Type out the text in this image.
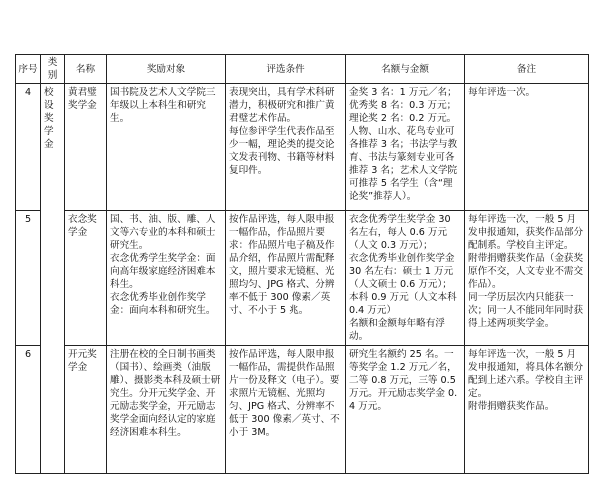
序号	类别	名称	奖励对象	评选条件	名额与金额	备注
4	校设奖学金	黄君璧奖学金	国书院及艺术人文学院三年级以上本科生和研究生。	表现突出，具有学术科研潜力，积极研究和推广黄君璧艺术作品。
每位参评学生代表作品至少一幅，理论类的提交论文发表刊物、书籍等材料复印件。	金奖 3 名：1 万元／名；优秀奖 8 名：0.3 万元；理论奖 2 名：0.2 万元。
人物、山水、花鸟专业可各推荐 3 名；书法学与教育、书法与篆刻专业可各推荐 3 名；艺术人文学院可推荐 5 名学生（含“理论奖”推荐人）。	每年评选一次。

5		衣念奖学金	国、书、油、版、雕、人文等六专业的本科和硕士研究生。
衣念优秀学生奖学金：面向高年级家庭经济困难本科生。
衣念优秀毕业创作奖学金：面向本科和研究生。	按作品评选，每人限申报一幅作品，作品照片要求：作品照片电子稿及作品介绍，作品照片需配释文，照片要求无镜框、光照均匀、JPG 格式、分辨率不低于 300 像素／英寸、不小于 5 兆。	衣念优秀学生奖学金 30 名左右，每人 0.6 万元（人文 0.3 万元）；
衣念优秀毕业创作奖学金 30 名左右：硕士 1 万元（人文硕士 0.6 万元）；本科 0.9 万元（人文本科 0.4 万元）
名额和金额每年略有浮动。	每年评选一次，一般 5 月发申报通知，获奖作品部分配制系。学校自主评定。
附带捐赠获奖作品（金获奖原作不交，人文专业不需交作品）。
同一学历层次内只能获一次；同一人不能同年同时获得上述两项奖学金。

6		开元奖学金	注册在校的全日制书画类（国书）、绘画类（油版雕）、摄影类本科及硕士研究生。分开元奖学金、开元励志奖学金，开元励志奖学金面向经认定的家庭经济困难本科生。	按作品评选，每人限申报一幅作品，需提供作品照片一份及释文（电子）。要求照片无镜框、光照均匀、JPG 格式、分辨率不低于 300 像素／英寸、不小于 3M。	研究生名额约 25 名。一等奖学金 1.2 万元／名，二等 0.8 万元，三等 0.5 万元。开元励志奖学金 0.4 万元。	每年评选一次，一般 5 月发申报通知，将具体名额分配到上述六系。学校自主评定。
附带捐赠获奖作品。
